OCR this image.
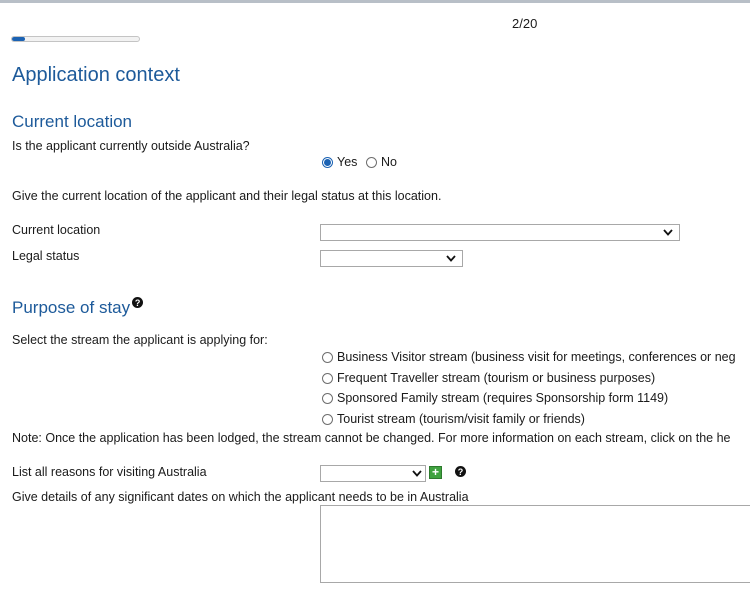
2/20
Application context
Current location
Is the applicant currently outside Australia?
Yes No
Give the current location of the applicant and their legal status at this location.
Current location
Legal status
Purpose of stay ?
Select the stream the applicant is applying for:
Business Visitor stream (business visit for meetings, conferences or neg
Frequent Traveller stream (tourism or business purposes)
Sponsored Family stream (requires Sponsorship form 1149)
Tourist stream (tourism/visit family or friends)
Note: Once the application has been lodged, the stream cannot be changed. For more information on each stream, click on the he
List all reasons for visiting Australia	+	?
Give details of any significant dates on which the applicant needs to be in Australia
